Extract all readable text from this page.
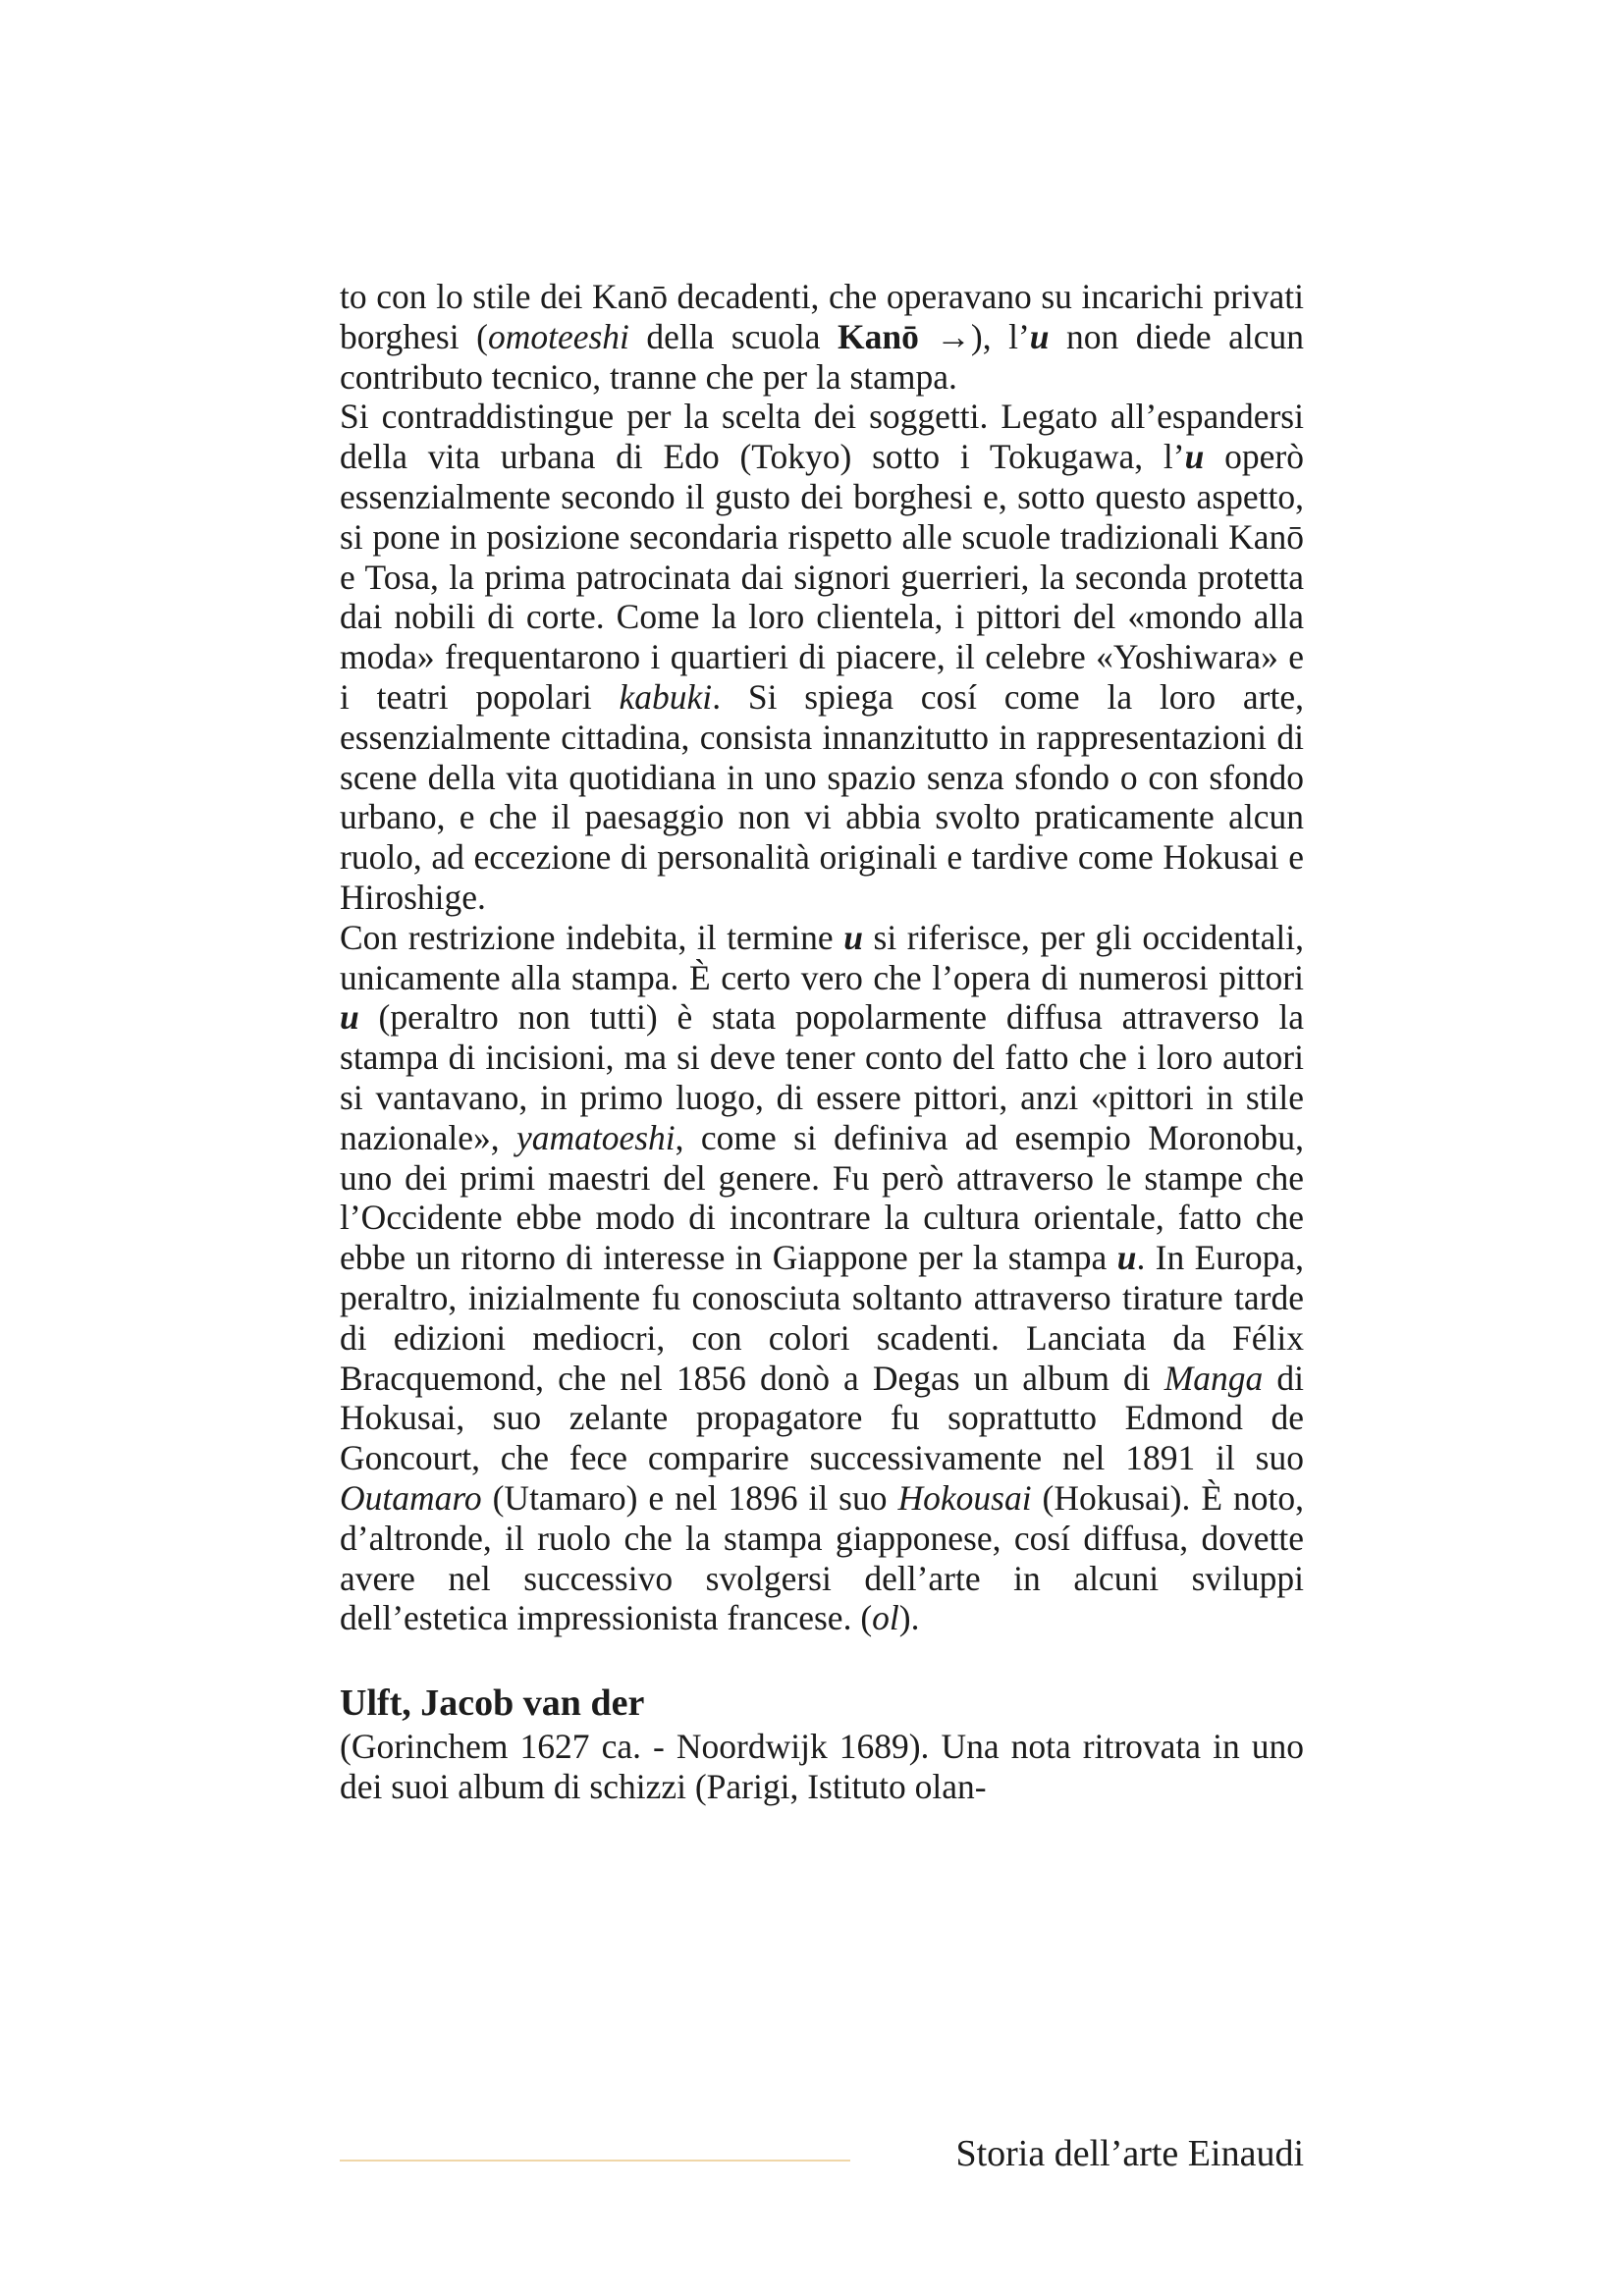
to con lo stile dei Kanō decadenti, che operavano su incarichi privati borghesi (omoteeshi della scuola Kanō →), l’u non diede alcun contributo tecnico, tranne che per la stampa.

Si contraddistingue per la scelta dei soggetti. Legato all’espandersi della vita urbana di Edo (Tokyo) sotto i Tokugawa, l’u operò essenzialmente secondo il gusto dei borghesi e, sotto questo aspetto, si pone in posizione secondaria rispetto alle scuole tradizionali Kanō e Tosa, la prima patrocinata dai signori guerrieri, la seconda protetta dai nobili di corte. Come la loro clientela, i pittori del «mondo alla moda» frequentarono i quartieri di piacere, il celebre «Yoshiwara» e i teatri popolari kabuki. Si spiega cosí come la loro arte, essenzialmente cittadina, consista innanzitutto in rappresentazioni di scene della vita quotidiana in uno spazio senza sfondo o con sfondo urbano, e che il paesaggio non vi abbia svolto praticamente alcun ruolo, ad eccezione di personalità originali e tardive come Hokusai e Hiroshige.

Con restrizione indebita, il termine u si riferisce, per gli occidentali, unicamente alla stampa. È certo vero che l’opera di numerosi pittori u (peraltro non tutti) è stata popolarmente diffusa attraverso la stampa di incisioni, ma si deve tener conto del fatto che i loro autori si vantavano, in primo luogo, di essere pittori, anzi «pittori in stile nazionale», yamatoeshi, come si definiva ad esempio Moronobu, uno dei primi maestri del genere. Fu però attraverso le stampe che l’Occidente ebbe modo di incontrare la cultura orientale, fatto che ebbe un ritorno di interesse in Giappone per la stampa u. In Europa, peraltro, inizialmente fu conosciuta soltanto attraverso tirature tarde di edizioni mediocri, con colori scadenti. Lanciata da Félix Bracquemond, che nel 1856 donò a Degas un album di Manga di Hokusai, suo zelante propagatore fu soprattutto Edmond de Goncourt, che fece comparire successivamente nel 1891 il suo Outamaro (Utamaro) e nel 1896 il suo Hokousai (Hokusai). È noto, d’altronde, il ruolo che la stampa giapponese, cosí diffusa, dovette avere nel successivo svolgersi dell’arte in alcuni sviluppi dell’estetica impressionista francese. (ol).

Ulft, Jacob van der

(Gorinchem 1627 ca. - Noordwijk 1689). Una nota ritrovata in uno dei suoi album di schizzi (Parigi, Istituto olan-

Storia dell’arte Einaudi
